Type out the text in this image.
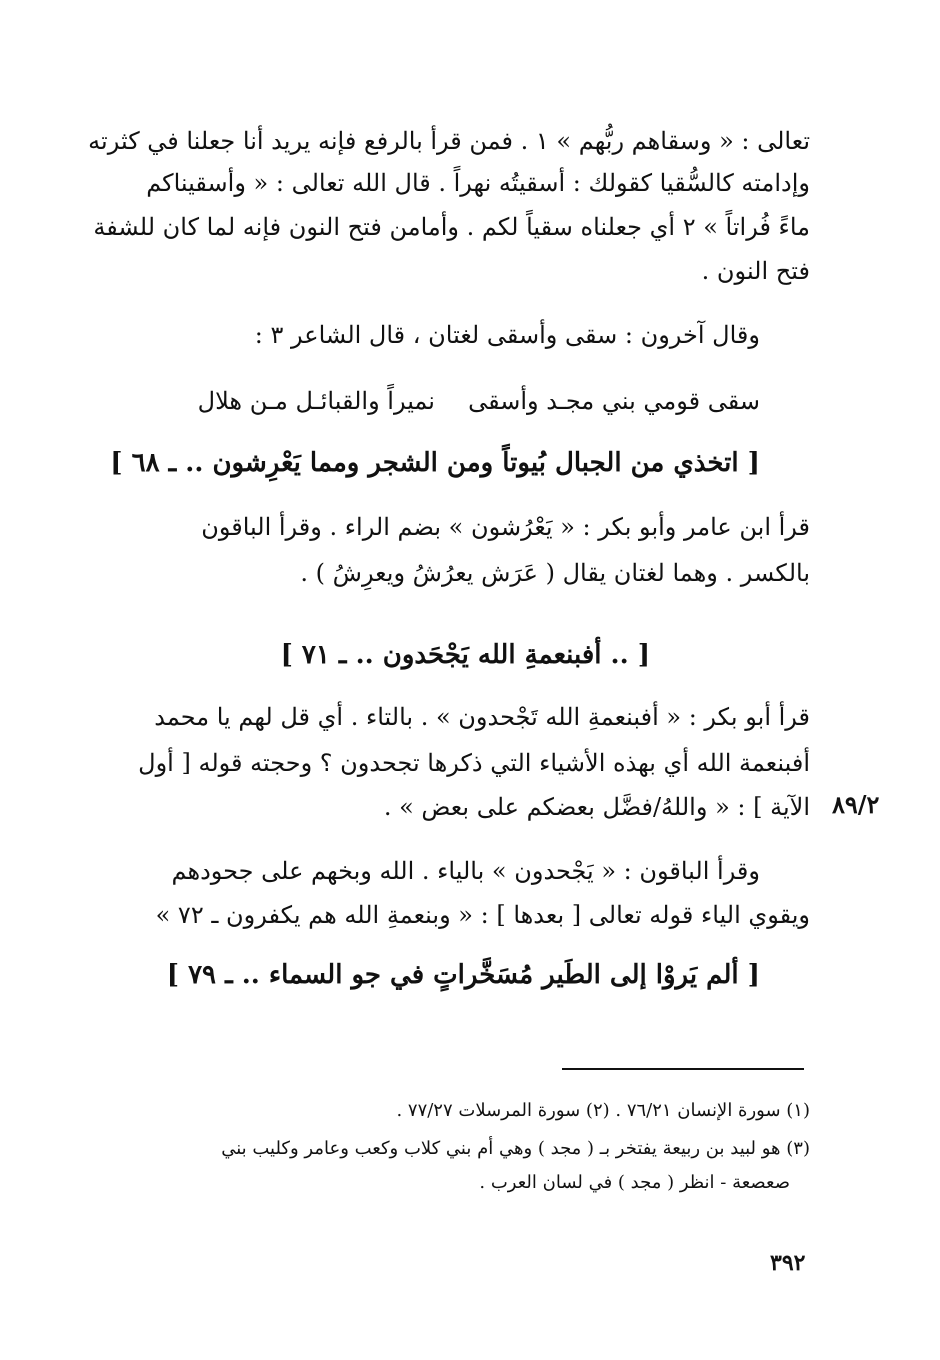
تعالى : « وسقاهم ربُّهم » ١ . فمن قرأ بالرفع فإنه يريد أنا جعلنا في كثرته
وإدامته كالسُّقيا كقولك : أسقيتُه نهراً . قال الله تعالى : « وأسقيناكم
ماءً فُراتاً » ٢ أي جعلناه سقياً لكم . وأمامن فتح النون فإنه لما كان للشفة
فتح النون .
وقال آخرون : سقى وأسقى لغتان ، قال الشاعر ٣ :
سقى قومي بني مجـد وأسقى
نميراً والقبائـل مـن هلال
[ اتخذي من الجبال بُيوتاً ومن الشجر ومما يَعْرِشون .. ـ ٦٨ ]
قرأ ابن عامر وأبو بكر : « يَعْرُشون » بضم الراء . وقرأ الباقون
بالكسر . وهما لغتان يقال ( عَرَش يعرُشُ ويعرِشُ ) .
[ .. أفبنعمةِ الله يَجْحَدون .. ـ ٧١ ]
قرأ أبو بكر : « أفبنعمةِ الله تَجْحدون » . بالتاء . أي قل لهم يا محمد
أفبنعمة الله أي بهذه الأشياء التي ذكرها تجحدون ؟ وحجته قوله [ أول
الآية ] : « واللهُ/فضَّل بعضكم على بعض » . ٨٩/٢
وقرأ الباقون : « يَجْحدون » بالياء . الله وبخهم على جحودهم
ويقوي الياء قوله تعالى [ بعدها ] : « وبنعمةِ الله هم يكفرون ـ ٧٢ »
[ ألم يَروْا إلى الطَير مُسَخَّراتٍ في جو السماء .. ـ ٧٩ ]
(١) سورة الإنسان ٧٦/٢١ . (٢) سورة المرسلات ٧٧/٢٧ .
(٣) هو لبيد بن ربيعة يفتخر بـ ( مجد ) وهي أم بني كلاب وكعب وعامر وكليب بني
صعصعة - انظر ( مجد ) في لسان العرب .
٣٩٢
